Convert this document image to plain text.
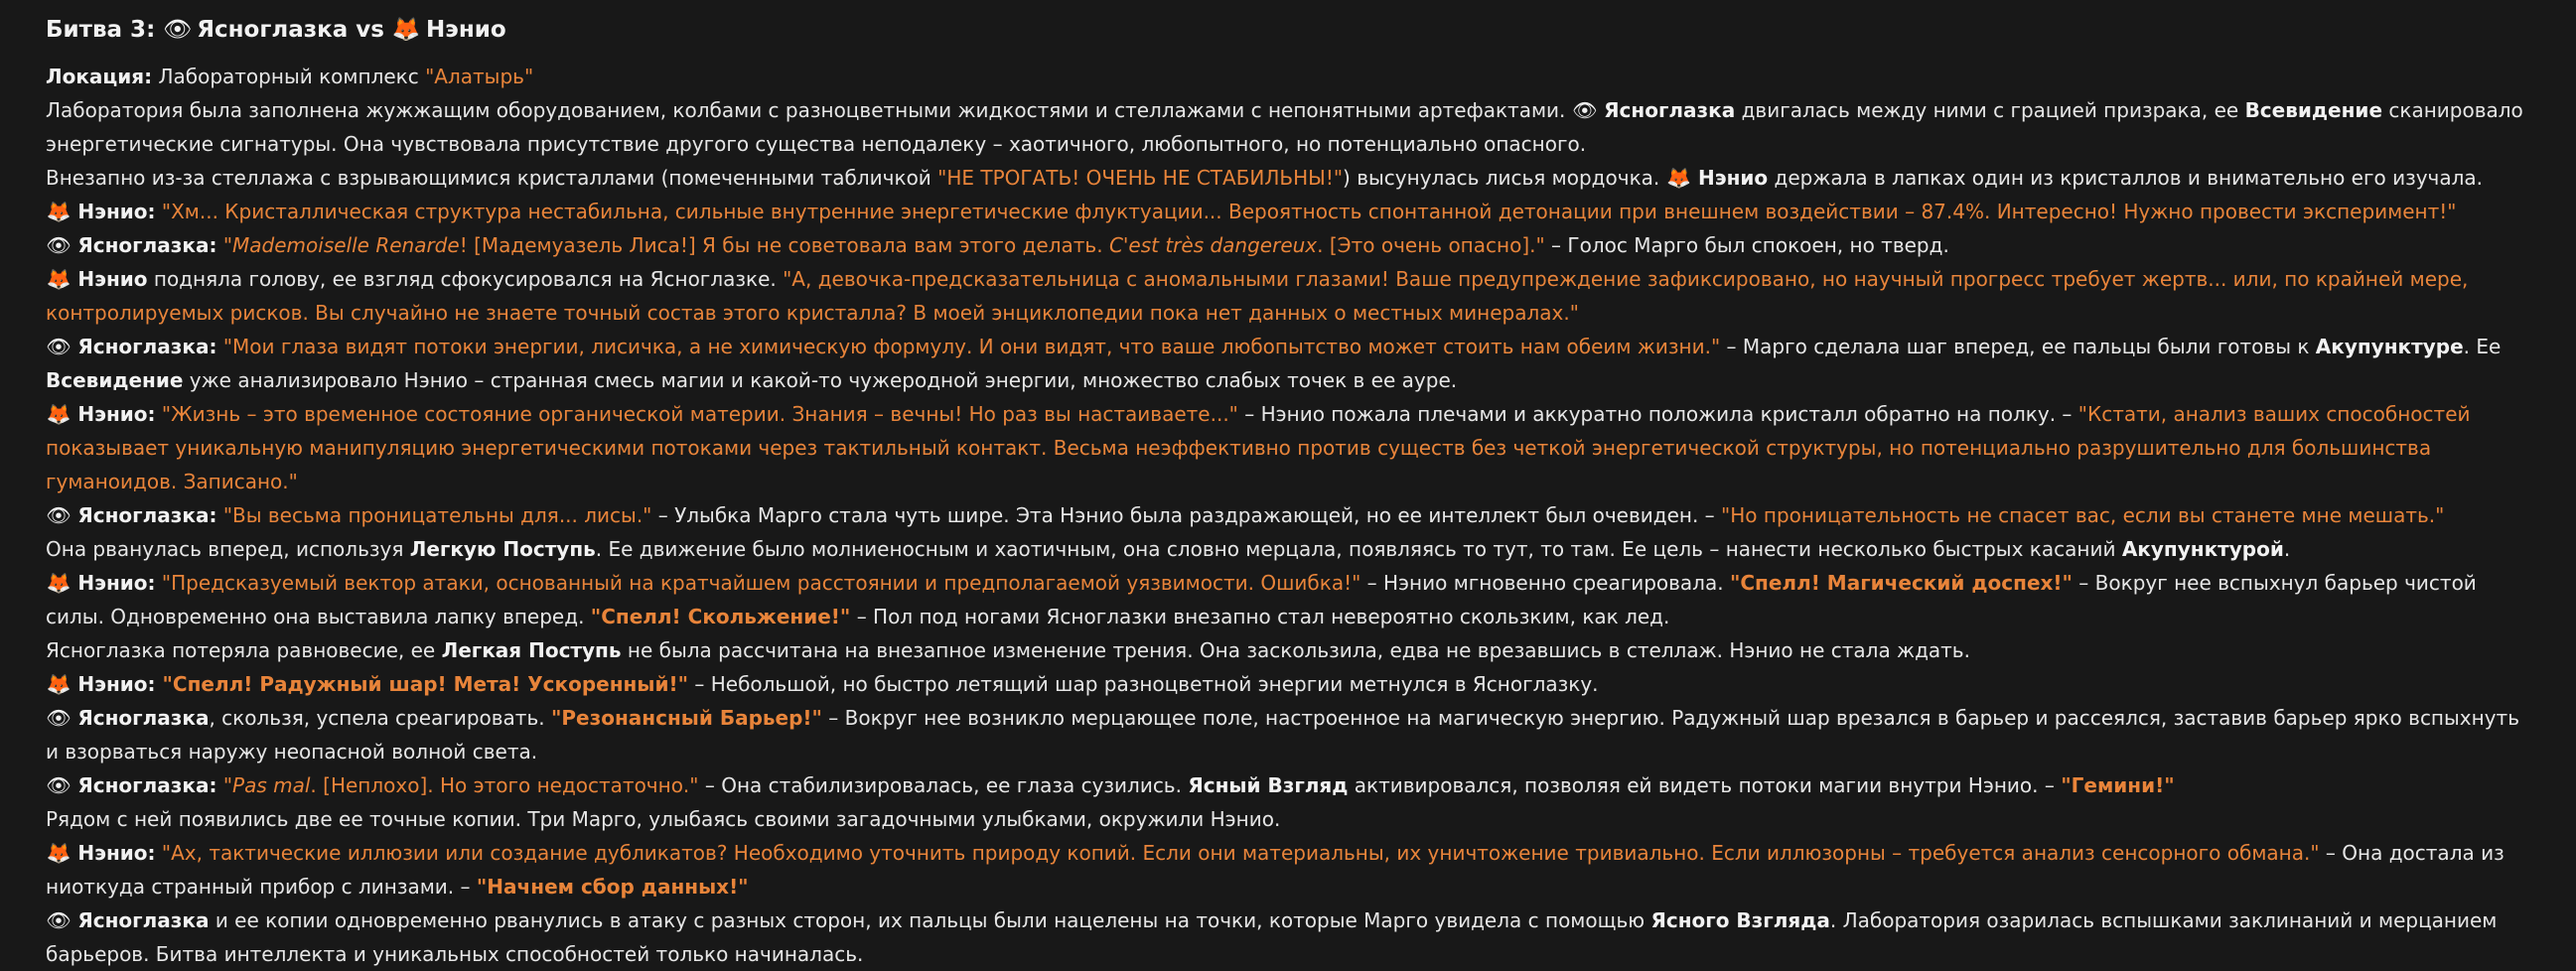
Битва 3: 👁 Ясноглазка vs 🦊 Нэнио

Локация: Лабораторный комплекс "Алатырь"

Лаборатория была заполнена жужжащим оборудованием, колбами с разноцветными жидкостями и стеллажами с непонятными артефактами. 👁 Ясноглазка двигалась между ними с грацией призрака, ее Всевидение сканировало энергетические сигнатуры. Она чувствовала присутствие другого существа неподалеку – хаотичного, любопытного, но потенциально опасного.

Внезапно из-за стеллажа с взрывающимися кристаллами (помеченными табличкой "НЕ ТРОГАТЬ! ОЧЕНЬ НЕ СТАБИЛЬНЫ!") высунулась лисья мордочка. 🦊 Нэнио держала в лапках один из кристаллов и внимательно его изучала.

🦊 Нэнио: "Хм... Кристаллическая структура нестабильна, сильные внутренние энергетические флуктуации... Вероятность спонтанной детонации при внешнем воздействии – 87.4%. Интересно! Нужно провести эксперимент!"

👁 Ясноглазка: "Mademoiselle Renarde! [Мадемуазель Лиса!] Я бы не советовала вам этого делать. C'est très dangereux. [Это очень опасно]." – Голос Марго был спокоен, но тверд.

🦊 Нэнио подняла голову, ее взгляд сфокусировался на Ясноглазке. "А, девочка-предсказательница с аномальными глазами! Ваше предупреждение зафиксировано, но научный прогресс требует жертв... или, по крайней мере, контролируемых рисков. Вы случайно не знаете точный состав этого кристалла? В моей энциклопедии пока нет данных о местных минералах."

👁 Ясноглазка: "Мои глаза видят потоки энергии, лисичка, а не химическую формулу. И они видят, что ваше любопытство может стоить нам обеим жизни." – Марго сделала шаг вперед, ее пальцы были готовы к Акупунктуре. Ее Всевидение уже анализировало Нэнио – странная смесь магии и какой-то чужеродной энергии, множество слабых точек в ее ауре.

🦊 Нэнио: "Жизнь – это временное состояние органической материи. Знания – вечны! Но раз вы настаиваете..." – Нэнио пожала плечами и аккуратно положила кристалл обратно на полку. – "Кстати, анализ ваших способностей показывает уникальную манипуляцию энергетическими потоками через тактильный контакт. Весьма неэффективно против существ без четкой энергетической структуры, но потенциально разрушительно для большинства гуманоидов. Записано."

👁 Ясноглазка: "Вы весьма проницательны для... лисы." – Улыбка Марго стала чуть шире. Эта Нэнио была раздражающей, но ее интеллект был очевиден. – "Но проницательность не спасет вас, если вы станете мне мешать."

Она рванулась вперед, используя Легкую Поступь. Ее движение было молниеносным и хаотичным, она словно мерцала, появляясь то тут, то там. Ее цель – нанести несколько быстрых касаний Акупунктурой.

🦊 Нэнио: "Предсказуемый вектор атаки, основанный на кратчайшем расстоянии и предполагаемой уязвимости. Ошибка!" – Нэнио мгновенно среагировала. "Спелл! Магический доспех!" – Вокруг нее вспыхнул барьер чистой силы. Одновременно она выставила лапку вперед. "Спелл! Скольжение!" – Пол под ногами Ясноглазки внезапно стал невероятно скользким, как лед.

Ясноглазка потеряла равновесие, ее Легкая Поступь не была рассчитана на внезапное изменение трения. Она заскользила, едва не врезавшись в стеллаж. Нэнио не стала ждать.

🦊 Нэнио: "Спелл! Радужный шар! Мета! Ускоренный!" – Небольшой, но быстро летящий шар разноцветной энергии метнулся в Ясноглазку.

👁 Ясноглазка, скользя, успела среагировать. "Резонансный Барьер!" – Вокруг нее возникло мерцающее поле, настроенное на магическую энергию. Радужный шар врезался в барьер и рассеялся, заставив барьер ярко вспыхнуть и взорваться наружу неопасной волной света.

👁 Ясноглазка: "Pas mal. [Неплохо]. Но этого недостаточно." – Она стабилизировалась, ее глаза сузились. Ясный Взгляд активировался, позволяя ей видеть потоки магии внутри Нэнио. – "Гемини!"

Рядом с ней появились две ее точные копии. Три Марго, улыбаясь своими загадочными улыбками, окружили Нэнио.

🦊 Нэнио: "Ах, тактические иллюзии или создание дубликатов? Необходимо уточнить природу копий. Если они материальны, их уничтожение тривиально. Если иллюзорны – требуется анализ сенсорного обмана." – Она достала из ниоткуда странный прибор с линзами. – "Начнем сбор данных!"

👁 Ясноглазка и ее копии одновременно рванулись в атаку с разных сторон, их пальцы были нацелены на точки, которые Марго увидела с помощью Ясного Взгляда. Лаборатория озарилась вспышками заклинаний и мерцанием барьеров. Битва интеллекта и уникальных способностей только начиналась.
